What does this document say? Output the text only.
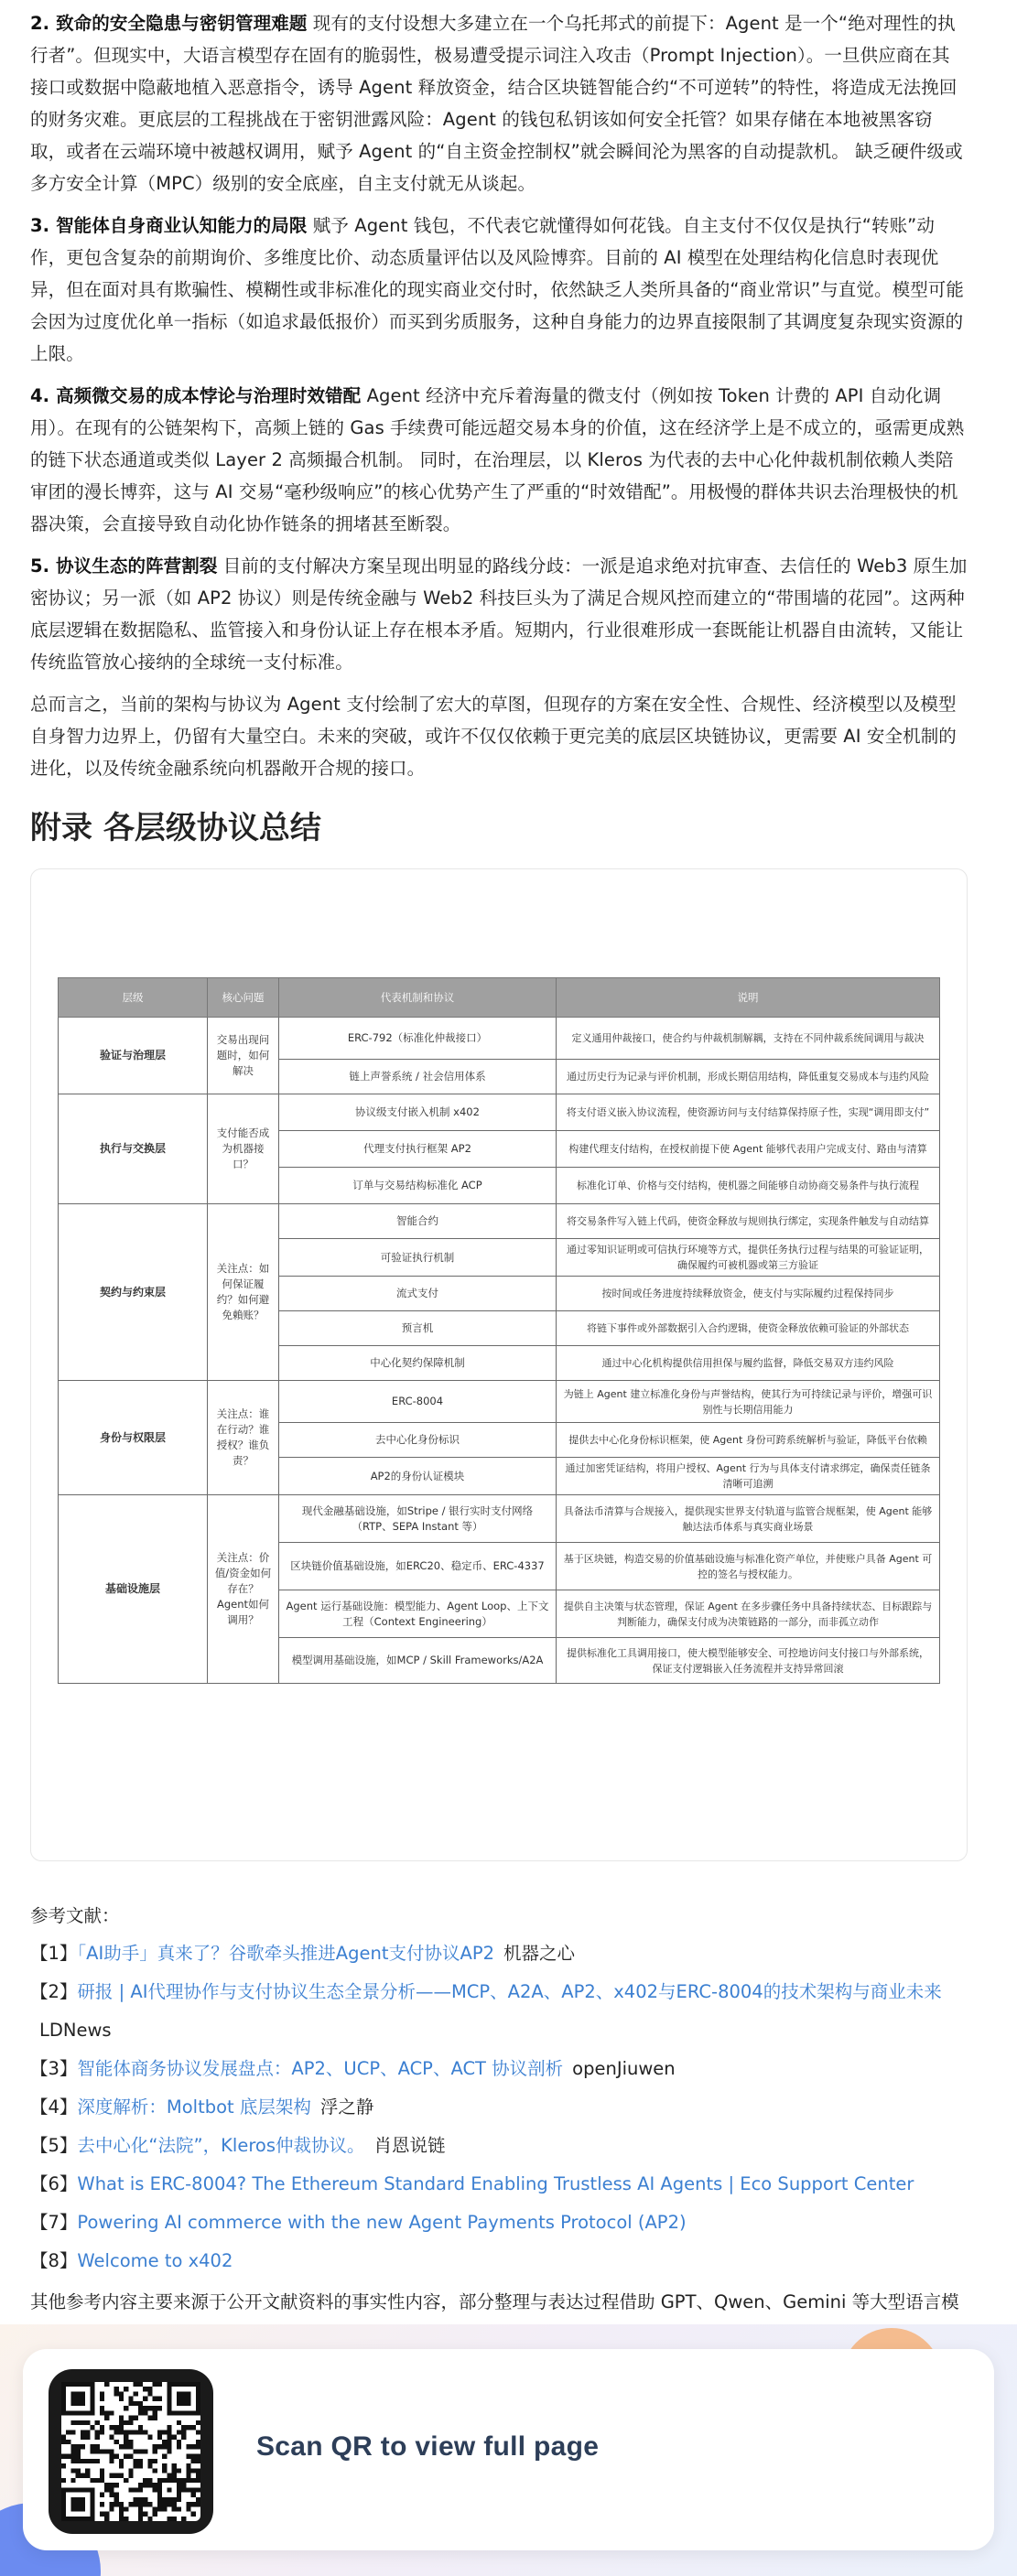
2. 致命的安全隐患与密钥管理难题 现有的支付设想大多建立在一个乌托邦式的前提下：Agent 是一个“绝对理性的执行者”。但现实中，大语言模型存在固有的脆弱性，极易遭受提示词注入攻击（Prompt Injection）。一旦供应商在其接口或数据中隐蔽地植入恶意指令，诱导 Agent 释放资金，结合区块链智能合约“不可逆转”的特性，将造成无法挽回的财务灾难。更底层的工程挑战在于密钥泄露风险：Agent 的钱包私钥该如何安全托管？如果存储在本地被黑客窃取，或者在云端环境中被越权调用，赋予 Agent 的“自主资金控制权”就会瞬间沦为黑客的自动提款机。 缺乏硬件级或多方安全计算（MPC）级别的安全底座，自主支付就无从谈起。

3. 智能体自身商业认知能力的局限 赋予 Agent 钱包，不代表它就懂得如何花钱。自主支付不仅仅是执行“转账”动作，更包含复杂的前期询价、多维度比价、动态质量评估以及风险博弈。目前的 AI 模型在处理结构化信息时表现优异，但在面对具有欺骗性、模糊性或非标准化的现实商业交付时，依然缺乏人类所具备的“商业常识”与直觉。模型可能会因为过度优化单一指标（如追求最低报价）而买到劣质服务，这种自身能力的边界直接限制了其调度复杂现实资源的上限。

4. 高频微交易的成本悖论与治理时效错配 Agent 经济中充斥着海量的微支付（例如按 Token 计费的 API 自动化调用）。在现有的公链架构下，高频上链的 Gas 手续费可能远超交易本身的价值，这在经济学上是不成立的，亟需更成熟的链下状态通道或类似 Layer 2 高频撮合机制。 同时，在治理层，以 Kleros 为代表的去中心化仲裁机制依赖人类陪审团的漫长博弈，这与 AI 交易“毫秒级响应”的核心优势产生了严重的“时效错配”。用极慢的群体共识去治理极快的机器决策，会直接导致自动化协作链条的拥堵甚至断裂。

5. 协议生态的阵营割裂 目前的支付解决方案呈现出明显的路线分歧：一派是追求绝对抗审查、去信任的 Web3 原生加密协议；另一派（如 AP2 协议）则是传统金融与 Web2 科技巨头为了满足合规风控而建立的“带围墙的花园”。这两种底层逻辑在数据隐私、监管接入和身份认证上存在根本矛盾。短期内，行业很难形成一套既能让机器自由流转，又能让传统监管放心接纳的全球统一支付标准。

总而言之，当前的架构与协议为 Agent 支付绘制了宏大的草图，但现存的方案在安全性、合规性、经济模型以及模型自身智力边界上，仍留有大量空白。未来的突破，或许不仅仅依赖于更完美的底层区块链协议，更需要 AI 安全机制的进化，以及传统金融系统向机器敞开合规的接口。

附录 各层级协议总结
层级	核心问题	代表机制和协议	说明
验证与治理层	交易出现问题时，如何解决	ERC-792（标准化仲裁接口）	定义通用仲裁接口，使合约与仲裁机制解耦，支持在不同仲裁系统间调用与裁决
		链上声誉系统 / 社会信用体系	通过历史行为记录与评价机制，形成长期信用结构，降低重复交易成本与违约风险
执行与交换层	支付能否成为机器接口？	协议级支付嵌入机制 x402	将支付语义嵌入协议流程，使资源访问与支付结算保持原子性，实现“调用即支付”
		代理支付执行框架 AP2	构建代理支付结构，在授权前提下使 Agent 能够代表用户完成支付、路由与清算
		订单与交易结构标准化 ACP	标准化订单、价格与交付结构，使机器之间能够自动协商交易条件与执行流程
契约与约束层	关注点：如何保证履约？如何避免賴账？	智能合约	将交易条件写入链上代码，使资金释放与规则执行绑定，实现条件触发与自动结算
		可验证执行机制	通过零知识证明或可信执行环境等方式，提供任务执行过程与结果的可验证证明，确保履约可被机器或第三方验证
		流式支付	按时间或任务进度持续释放资金，使支付与实际履约过程保持同步
		预言机	将链下事件或外部数据引入合约逻辑，使资金释放依赖可验证的外部状态
		中心化契约保障机制	通过中心化机构提供信用担保与履约监督，降低交易双方违约风险
身份与权限层	关注点：谁在行动？谁授权？谁负责？	ERC-8004	为链上 Agent 建立标准化身份与声誉结构，使其行为可持续记录与评价，增强可识别性与长期信用能力
		去中心化身份标识	提供去中心化身份标识框架，使 Agent 身份可跨系统解析与验证，降低平台依赖
		AP2的身份认证模块	通过加密凭证结构，将用户授权、Agent 行为与具体支付请求绑定，确保责任链条清晰可追溯
基础设施层	关注点：价值/资金如何存在？Agent如何调用？	现代金融基础设施，如Stripe / 银行实时支付网络（RTP、SEPA Instant 等）	具备法币清算与合规接入，提供现实世界支付轨道与监管合规框架，使 Agent 能够触达法币体系与真实商业场景
		区块链价值基础设施，如ERC20、稳定币、ERC-4337	基于区块链，构造交易的价值基础设施与标准化资产单位，并使账户具备 Agent 可控的签名与授权能力。
		Agent 运行基础设施：模型能力、Agent Loop、上下文工程（Context Engineering）	提供自主决策与状态管理，保证 Agent 在多步骤任务中具备持续状态、目标跟踪与判断能力，确保支付成为决策链路的一部分，而非孤立动作
		模型调用基础设施，如MCP / Skill Frameworks/A2A	提供标准化工具调用接口，使大模型能够安全、可控地访问支付接口与外部系统，保证支付逻辑嵌入任务流程并支持异常回滚
参考文献：
【1】「AI助手」真来了？谷歌牵头推进Agent支付协议AP2 机器之心
【2】研报 | AI代理协作与支付协议生态全景分析——MCP、A2A、AP2、x402与ERC-8004的技术架构与商业未来LDNews
【3】智能体商务协议发展盘点：AP2、UCP、ACP、ACT 协议剖析 openJiuwen
【4】深度解析：Moltbot 底层架构 浮之静
【5】去中心化“法院”，Kleros仲裁协议。 肖恩说链
【6】What is ERC-8004? The Ethereum Standard Enabling Trustless AI Agents | Eco Support Center
【7】Powering AI commerce with the new Agent Payments Protocol (AP2)
【8】Welcome to x402
其他参考内容主要来源于公开文献资料的事实性内容，部分整理与表达过程借助 GPT、Qwen、Gemini 等大型语言模
Scan QR to view full page
